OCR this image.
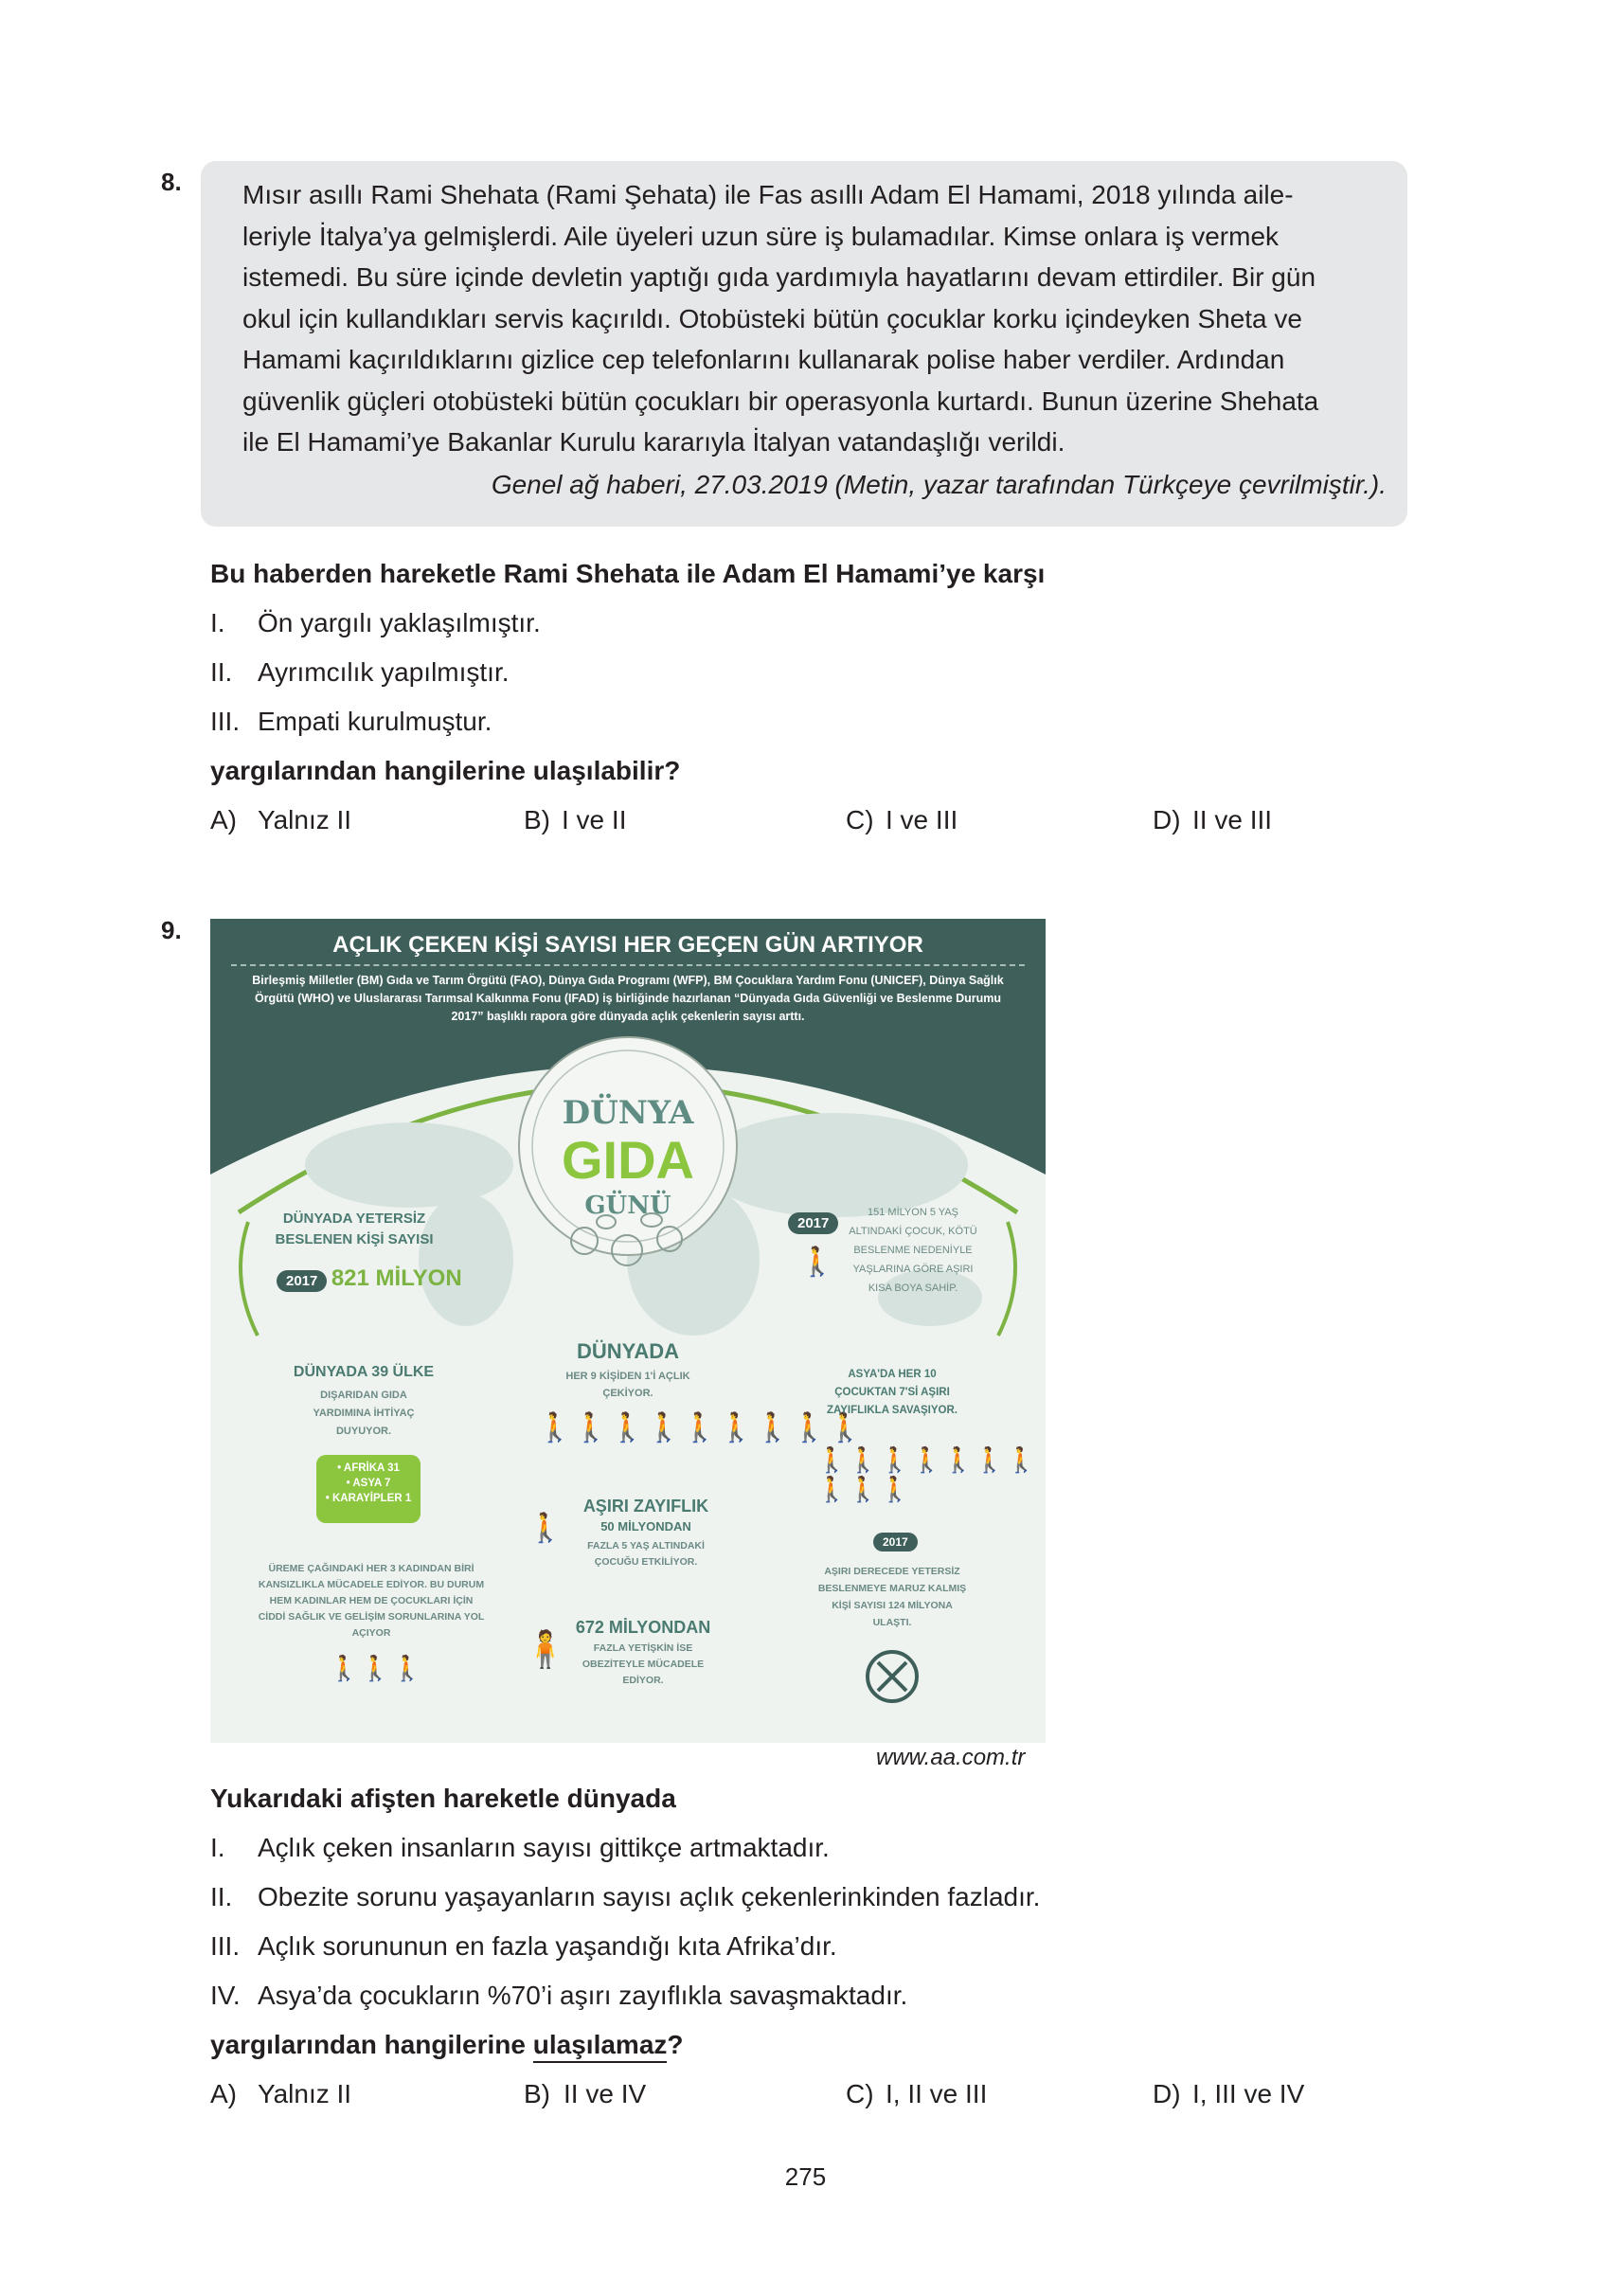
8. Mısır asıllı Rami Shehata (Rami Şehata) ile Fas asıllı Adam El Hamami, 2018 yılında aile-
leriyle İtalya’ya gelmişlerdi. Aile üyeleri uzun süre iş bulamadılar. Kimse onlara iş vermek
istemedi. Bu süre içinde devletin yaptığı gıda yardımıyla hayatlarını devam ettirdiler. Bir gün
okul için kullandıkları servis kaçırıldı. Otobüsteki bütün çocuklar korku içindeyken Sheta ve
Hamami kaçırıldıklarını gizlice cep telefonlarını kullanarak polise haber verdiler. Ardından
güvenlik güçleri otobüsteki bütün çocukları bir operasyonla kurtardı. Bunun üzerine Shehata
ile El Hamami’ye Bakanlar Kurulu kararıyla İtalyan vatandaşlığı verildi.
Genel ağ haberi, 27.03.2019 (Metin, yazar tarafından Türkçeye çevrilmiştir.).
Bu haberden hareketle Rami Shehata ile Adam El Hamami’ye karşı
I. Ön yargılı yaklaşılmıştır.
II. Ayrımcılık yapılmıştır.
III. Empati kurulmuştur.
yargılarından hangilerine ulaşılabilir?
A) Yalnız II	B) I ve II	C) I ve III	D) II ve III
9.
AÇLIK ÇEKEN KİŞİ SAYISI HER GEÇEN GÜN ARTIYOR
Birleşmiş Milletler (BM) Gıda ve Tarım Örgütü (FAO), Dünya Gıda Programı (WFP), BM Çocuklara Yardım Fonu (UNICEF), Dünya Sağlık Örgütü (WHO) ve Uluslararası Tarımsal Kalkınma Fonu (IFAD) iş birliğinde hazırlanan “Dünyada Gıda Güvenliği ve Beslenme Durumu 2017” başlıklı rapora göre dünyada açlık çekenlerin sayısı arttı.
DÜNYA
GIDA
GÜNÜ
DÜNYADA YETERSİZ BESLENEN KİŞİ SAYISI
2017 821 MİLYON
2017
🚶
151 MİLYON 5 YAŞ ALTINDAKİ ÇOCUK, KÖTÜ BESLENME NEDENİYLE YAŞLARINA GÖRE AŞIRI KISA BOYA SAHİP.
DÜNYADA 39 ÜLKE
DIŞARIDAN GIDA YARDIMINA İHTİYAÇ DUYUYOR.
• AFRİKA 31
• ASYA 7
• KARAYİPLER 1
DÜNYADA
HER 9 KİŞİDEN 1'İ AÇLIK ÇEKİYOR.
🚶🚶🚶🚶🚶🚶🚶🚶🚶
ASYA'DA HER 10 ÇOCUKTAN 7'Sİ AŞIRI ZAYIFLIKLA SAVAŞIYOR.
🚶🚶🚶🚶🚶🚶🚶🚶🚶🚶
🚶
AŞIRI ZAYIFLIK
50 MİLYONDAN
FAZLA 5 YAŞ ALTINDAKİ ÇOCUĞU ETKİLİYOR.
ÜREME ÇAĞINDAKİ HER 3 KADINDAN BİRİ KANSIZLIKLA MÜCADELE EDİYOR. BU DURUM HEM KADINLAR HEM DE ÇOCUKLARI İÇİN CİDDİ SAĞLIK VE GELİŞİM SORUNLARINA YOL AÇIYOR
🚶🚶🚶
2017
AŞIRI DERECEDE YETERSİZ BESLENMEYE MARUZ KALMIŞ KİŞİ SAYISI 124 MİLYONA ULAŞTI.
🧍
672 MİLYONDAN
FAZLA YETİŞKİN İSE OBEZİTEYLE MÜCADELE EDİYOR.
www.aa.com.tr
Yukarıdaki afişten hareketle dünyada
I. Açlık çeken insanların sayısı gittikçe artmaktadır.
II. Obezite sorunu yaşayanların sayısı açlık çekenlerinkinden fazladır.
III. Açlık sorununun en fazla yaşandığı kıta Afrika’dır.
IV. Asya’da çocukların %70’i aşırı zayıflıkla savaşmaktadır.
yargılarından hangilerine ulaşılamaz?
A) Yalnız II	B) II ve IV	C) I, II ve III	D) I, III ve IV
275
